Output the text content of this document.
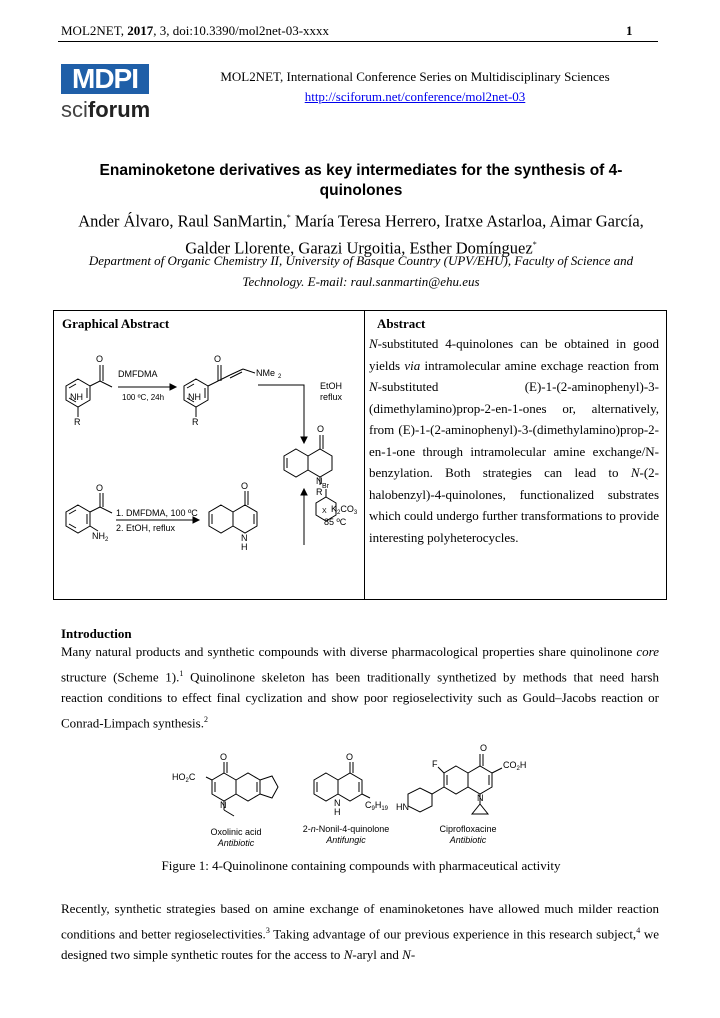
MOL2NET, 2017, 3, doi:10.3390/mol2net-03-xxxx	1
MDPI
sciforum
MOL2NET, International Conference Series on Multidisciplinary Sciences
http://sciforum.net/conference/mol2net-03
Enaminoketone derivatives as key intermediates for the synthesis of 4-quinolones
Ander Álvaro, Raul SanMartin,* María Teresa Herrero, Iratxe Astarloa, Aimar García,
Galder Llorente, Garazi Urgoitia, Esther Domínguez*
Department of Organic Chemistry II, University of Basque Country (UPV/EHU), Faculty of Science and Technology. E-mail: raul.sanmartin@ehu.eus
Graphical Abstract	Abstract
N-substituted 4-quinolones can be obtained in good yields via intramolecular amine exchage reaction from N-substituted (E)-1-(2-aminophenyl)-3-(dimethylamino)prop-2-en-1-ones or, alternatively, from (E)-1-(2-aminophenyl)-3-(dimethylamino)prop-2-en-1-one through intramolecular amine exchange/N-benzylation. Both strategies can lead to N-(2-halobenzyl)-4-quinolones, functionalized substrates which could undergo further transformations to provide interesting polyheterocycles.
O	O
DMFDMA
100 ºC, 24h
NMe 2
NH
R
NH
R
EtOH
reflux
O
N
R
Br
X $K_2CO_3$
85 ºC
O
1. DMFDMA, 100 ºC
2. EtOH, reflux
$NH_2$
O
N
H
Introduction
Many natural products and synthetic compounds with diverse pharmacological properties share quinolinone core structure (Scheme 1).$^1$ Quinolinone skeleton has been traditionally synthetized by methods that need harsh reaction conditions to effect final cyclization and show poor regioselectivity such as Gould–Jacobs reaction or Conrad-Limpach synthesis.$^2$
O
$HO_2C$
N
O
N
H
$C_9H_{19}$
O
F	$CO_2H$
N
HN
Oxolinic acid
Antibiotic
2-n-Nonil-4-quinolone
Antifungic
Ciprofloxacine
Antibiotic
Figure 1: 4-Quinolinone containing compounds with pharmaceutical activity
Recently, synthetic strategies based on amine exchange of enaminoketones have allowed much milder reaction conditions and better regioselectivities.$^3$ Taking advantage of our previous experience in this research subject,$^4$ we designed two simple synthetic routes for the access to N-aryl and N-
